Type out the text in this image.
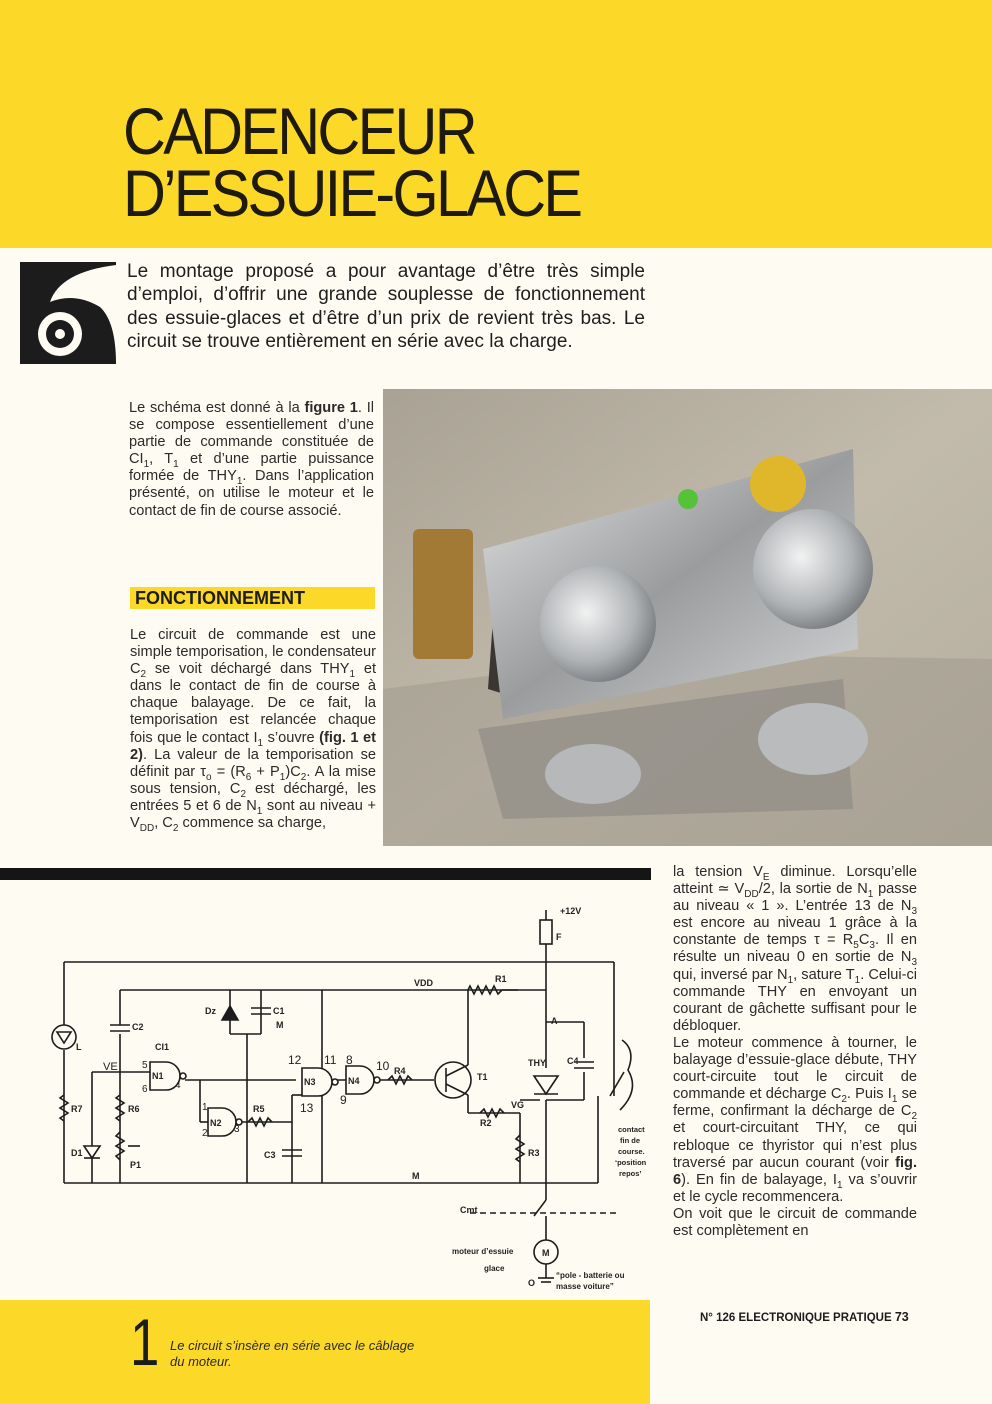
CADENCEUR
D’ESSUIE-GLACE

Le montage proposé a pour avantage d’être très simple d’emploi, d’offrir une grande souplesse de fonctionnement des essuie-glaces et d’être d’un prix de revient très bas. Le circuit se trouve entièrement en série avec la charge.

Le schéma est donné à la figure 1. Il se compose essentiellement d’une partie de commande constituée de $CI_1$, $T_1$ et d’une partie puissance formée de $THY_1$. Dans l’application présenté, on utilise le moteur et le contact de fin de course associé.

FONCTIONNEMENT

Le circuit de commande est une simple temporisation, le condensateur $C_2$ se voit déchargé dans $THY_1$ et dans le contact de fin de course à chaque balayage. De ce fait, la temporisation est relancée chaque fois que le contact $I_1$ s’ouvre (fig. 1 et 2). La valeur de la temporisation se définit par $\tau_o = (R_6 + P_1)C_2$. A la mise sous tension, $C_2$ est déchargé, les entrées 5 et 6 de $N_1$ sont au niveau + $V_{DD}$, $C_2$ commence sa charge,

la tension $V_E$ diminue. Lorsqu’elle atteint ≃ $V_{DD}/2$, la sortie de $N_1$ passe au niveau « 1 ». L’entrée 13 de $N_3$ est encore au niveau 1 grâce à la constante de temps $\tau = R_5C_3$. Il en résulte un niveau 0 en sortie de $N_3$ qui, inversé par $N_1$, sature $T_1$. Celui-ci commande THY en envoyant un courant de gâchette suffisant pour le débloquer.
Le moteur commence à tourner, le balayage d’essuie-glace débute, THY court-circuite tout le circuit de commande et décharge $C_2$. Puis $I_1$ se ferme, confirmant la décharge de $C_2$ et court-circuitant THY, ce qui rebloque ce thyristor qui n’est plus traversé par aucun courant (voir fig. 6). En fin de balayage, $I_1$ va s’ouvrir et le cycle recommencera.
On voit que le circuit de commande est complètement en

+12V
F
VDD	R1
Dz	C1
M
C2
CI1
VE
N1
N2
N3	N4
R4
R5
R6
R7
R2
R3
C3
C4
T1
THY
A
VG
D1
P1
L
M
Cmt
12 11 8 10
9
13
5
6	4
1
2	3	contact
fin de
course.
‘position
repos’
moteur d’essuie
glace
M
O
“pole - batterie ou
masse voiture”
1 Le circuit s’insère en série avec le câblage du moteur.

N° 126 ELECTRONIQUE PRATIQUE 73
